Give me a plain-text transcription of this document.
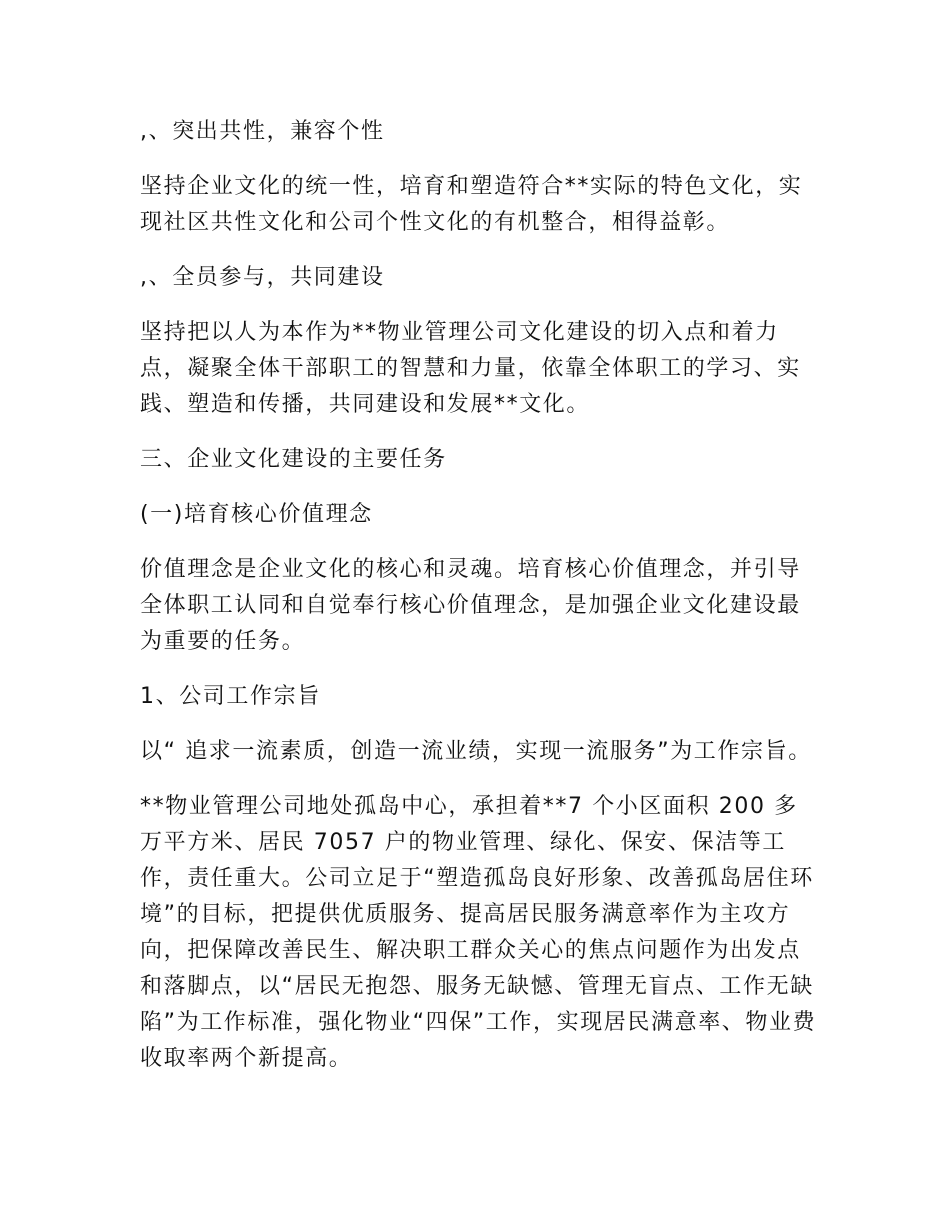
,、突出共性，兼容个性

坚持企业文化的统一性，培育和塑造符合**实际的特色文化，实现社区共性文化和公司个性文化的有机整合，相得益彰。

,、全员参与，共同建设

坚持把以人为本作为**物业管理公司文化建设的切入点和着力点，凝聚全体干部职工的智慧和力量，依靠全体职工的学习、实践、塑造和传播，共同建设和发展**文化。

三、企业文化建设的主要任务

(一)培育核心价值理念

价值理念是企业文化的核心和灵魂。培育核心价值理念，并引导全体职工认同和自觉奉行核心价值理念，是加强企业文化建设最为重要的任务。

1、公司工作宗旨

以“ 追求一流素质，创造一流业绩，实现一流服务”为工作宗旨。

**物业管理公司地处孤岛中心，承担着**7 个小区面积 200 多万平方米、居民 7057 户的物业管理、绿化、保安、保洁等工作，责任重大。公司立足于“塑造孤岛良好形象、改善孤岛居住环境”的目标，把提供优质服务、提高居民服务满意率作为主攻方向，把保障改善民生、解决职工群众关心的焦点问题作为出发点和落脚点，以“居民无抱怨、服务无缺憾、管理无盲点、工作无缺陷”为工作标准，强化物业“四保”工作，实现居民满意率、物业费收取率两个新提高。
